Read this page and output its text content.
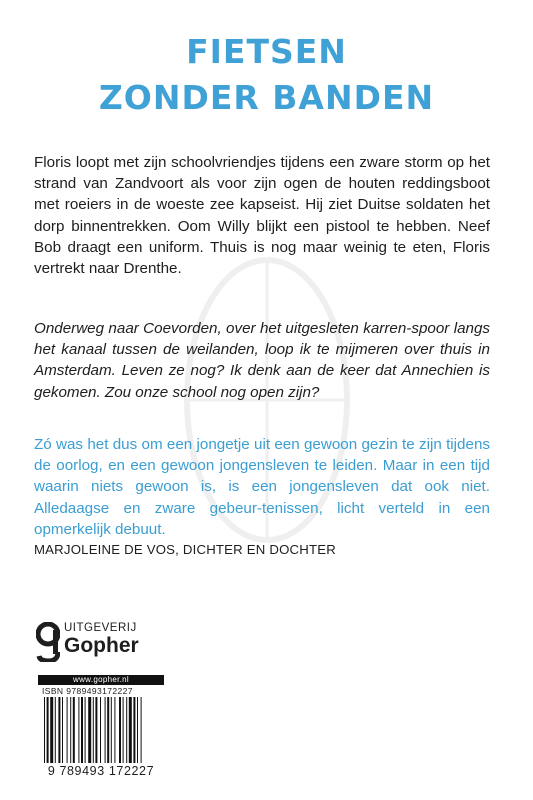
FIETSEN
ZONDER BANDEN

Floris loopt met zijn schoolvriendjes tijdens een zware storm op het strand van Zandvoort als voor zijn ogen de houten reddingsboot met roeiers in de woeste zee kapseist. Hij ziet Duitse soldaten het dorp binnentrekken. Oom Willy blijkt een pistool te hebben. Neef Bob draagt een uniform. Thuis is nog maar weinig te eten, Floris vertrekt naar Drenthe.

Onderweg naar Coevorden, over het uitgesleten karren-spoor langs het kanaal tussen de weilanden, loop ik te mijmeren over thuis in Amsterdam. Leven ze nog? Ik denk aan de keer dat Annechien is gekomen. Zou onze school nog open zijn?

Zó was het dus om een jongetje uit een gewoon gezin te zijn tijdens de oorlog, en een gewoon jongensleven te leiden. Maar in een tijd waarin niets gewoon is, is een jongensleven dat ook niet. Alledaagse en zware gebeur-tenissen, licht verteld in een opmerkelijk debuut.

MARJOLEINE DE VOS, DICHTER EN DOCHTER

UITGEVERIJ
Gopher
www.gopher.nl
ISBN 9789493172227
9 789493 172227
